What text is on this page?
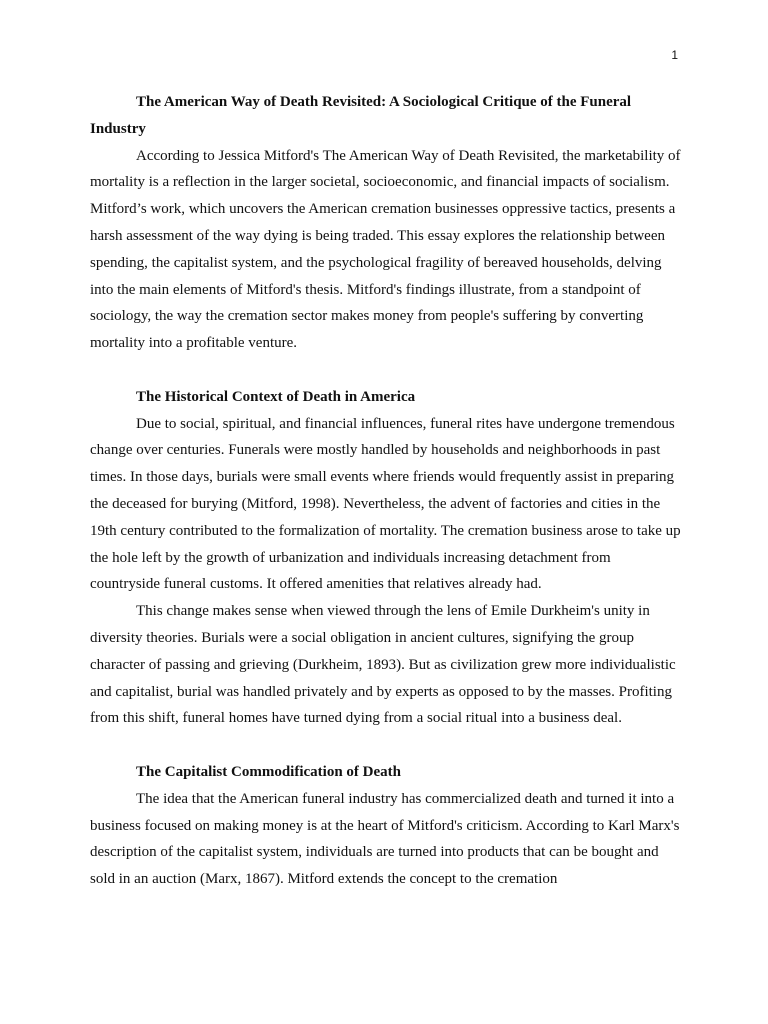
1

The American Way of Death Revisited: A Sociological Critique of the Funeral Industry

According to Jessica Mitford's The American Way of Death Revisited, the marketability of mortality is a reflection in the larger societal, socioeconomic, and financial impacts of socialism. Mitford’s work, which uncovers the American cremation businesses oppressive tactics, presents a harsh assessment of the way dying is being traded. This essay explores the relationship between spending, the capitalist system, and the psychological fragility of bereaved households, delving into the main elements of Mitford's thesis. Mitford's findings illustrate, from a standpoint of sociology, the way the cremation sector makes money from people's suffering by converting mortality into a profitable venture.

The Historical Context of Death in America

Due to social, spiritual, and financial influences, funeral rites have undergone tremendous change over centuries. Funerals were mostly handled by households and neighborhoods in past times. In those days, burials were small events where friends would frequently assist in preparing the deceased for burying (Mitford, 1998). Nevertheless, the advent of factories and cities in the 19th century contributed to the formalization of mortality. The cremation business arose to take up the hole left by the growth of urbanization and individuals increasing detachment from countryside funeral customs. It offered amenities that relatives already had.

This change makes sense when viewed through the lens of Emile Durkheim's unity in diversity theories. Burials were a social obligation in ancient cultures, signifying the group character of passing and grieving (Durkheim, 1893). But as civilization grew more individualistic and capitalist, burial was handled privately and by experts as opposed to by the masses. Profiting from this shift, funeral homes have turned dying from a social ritual into a business deal.

The Capitalist Commodification of Death

The idea that the American funeral industry has commercialized death and turned it into a business focused on making money is at the heart of Mitford's criticism. According to Karl Marx's description of the capitalist system, individuals are turned into products that can be bought and sold in an auction (Marx, 1867). Mitford extends the concept to the cremation
